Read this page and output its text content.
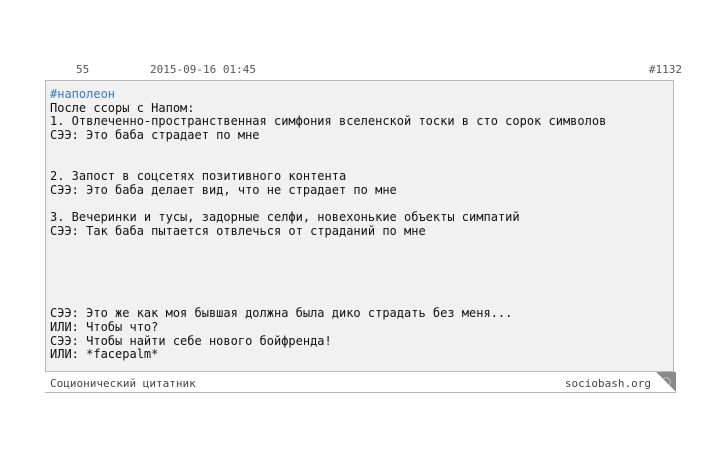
55	2015-09-16 01:45	#1132
#наполеон
После ссоры с Напом:
1. Отвлеченно-пространственная симфония вселенской тоски в сто сорок символов
СЭЭ: Это баба страдает по мне

2. Запост в соцсетях позитивного контента
СЭЭ: Это баба делает вид, что не страдает по мне

3. Вечеринки и тусы, задорные селфи, новехонькие объекты симпатий
СЭЭ: Так баба пытается отвлечься от страданий по мне

СЭЭ: Это же как моя бывшая должна была дико страдать без меня...
ИЛИ: Чтобы что?
СЭЭ: Чтобы найти себе нового бойфренда!
ИЛИ: *facepalm*
Соционический цитатник	sociobash.org
